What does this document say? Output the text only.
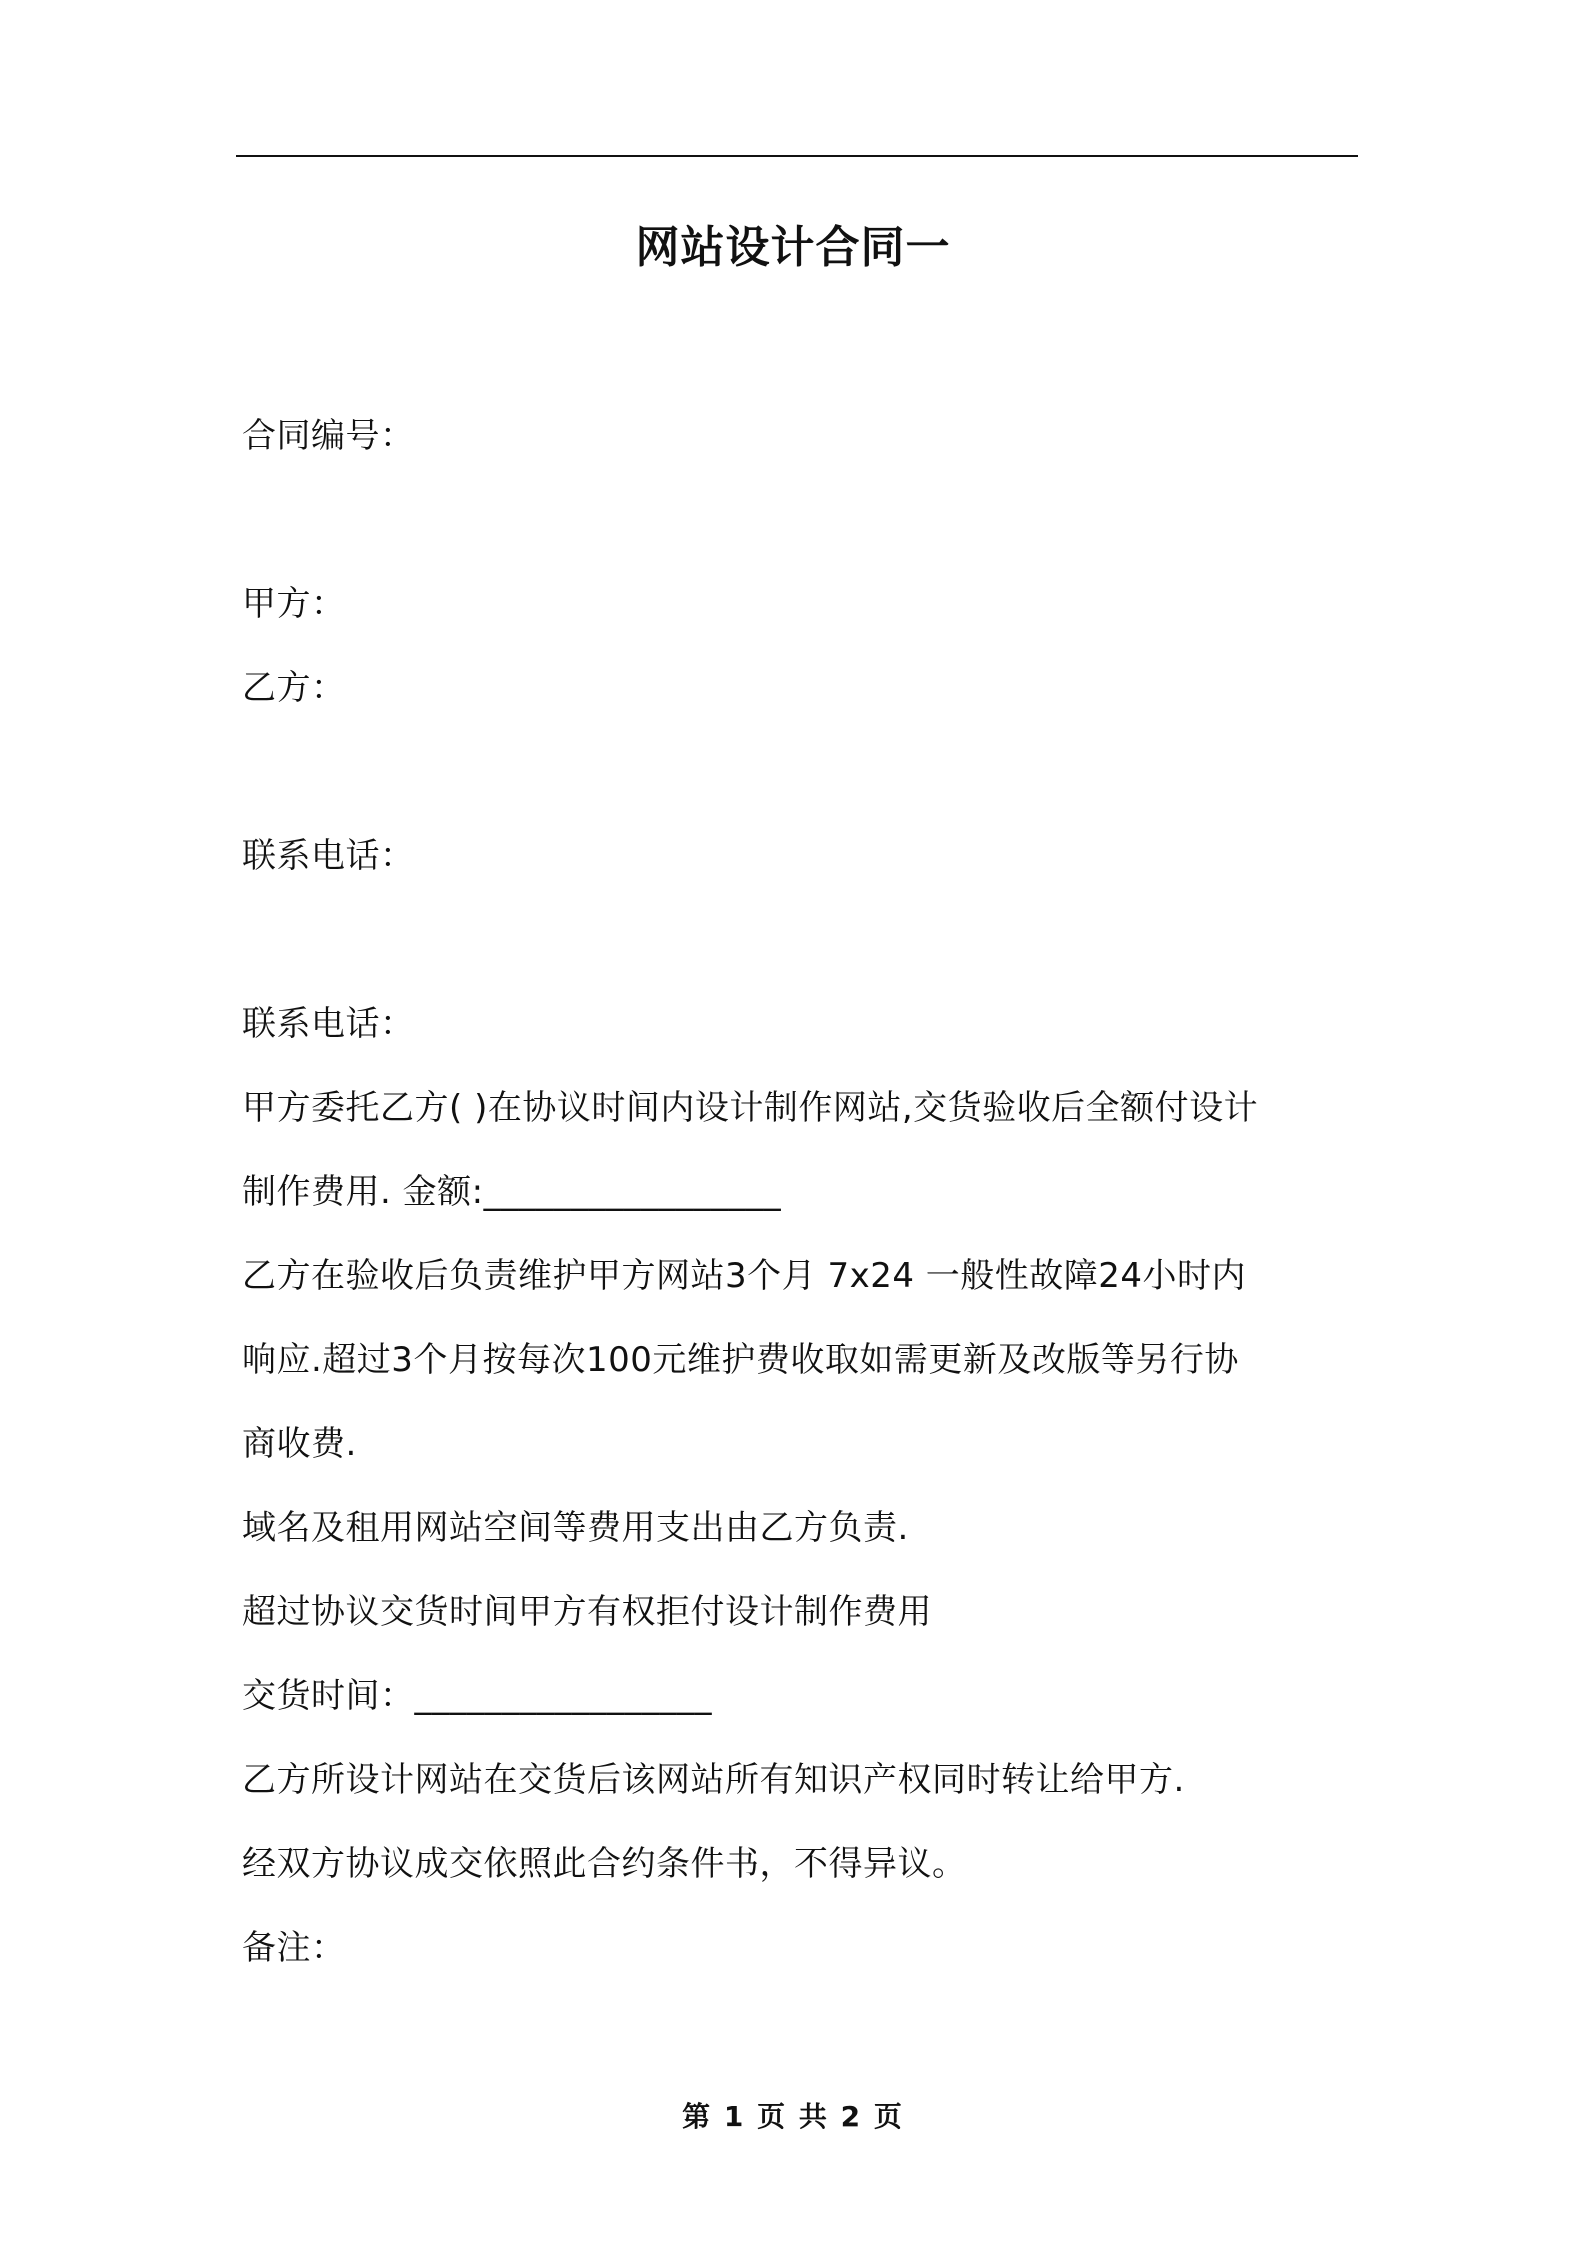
网站设计合同一
合同编号：
甲方：
乙方：
联系电话：
联系电话：
甲方委托乙方( )在协议时间内设计制作网站,交货验收后全额付设计
制作费用. 金额:_________________
乙方在验收后负责维护甲方网站3个月 7x24 一般性故障24小时内
响应.超过3个月按每次100元维护费收取如需更新及改版等另行协
商收费.
域名及租用网站空间等费用支出由乙方负责.
超过协议交货时间甲方有权拒付设计制作费用
交货时间：_________________
乙方所设计网站在交货后该网站所有知识产权同时转让给甲方.
经双方协议成交依照此合约条件书，不得异议。
备注：
第 1 页 共 2 页
